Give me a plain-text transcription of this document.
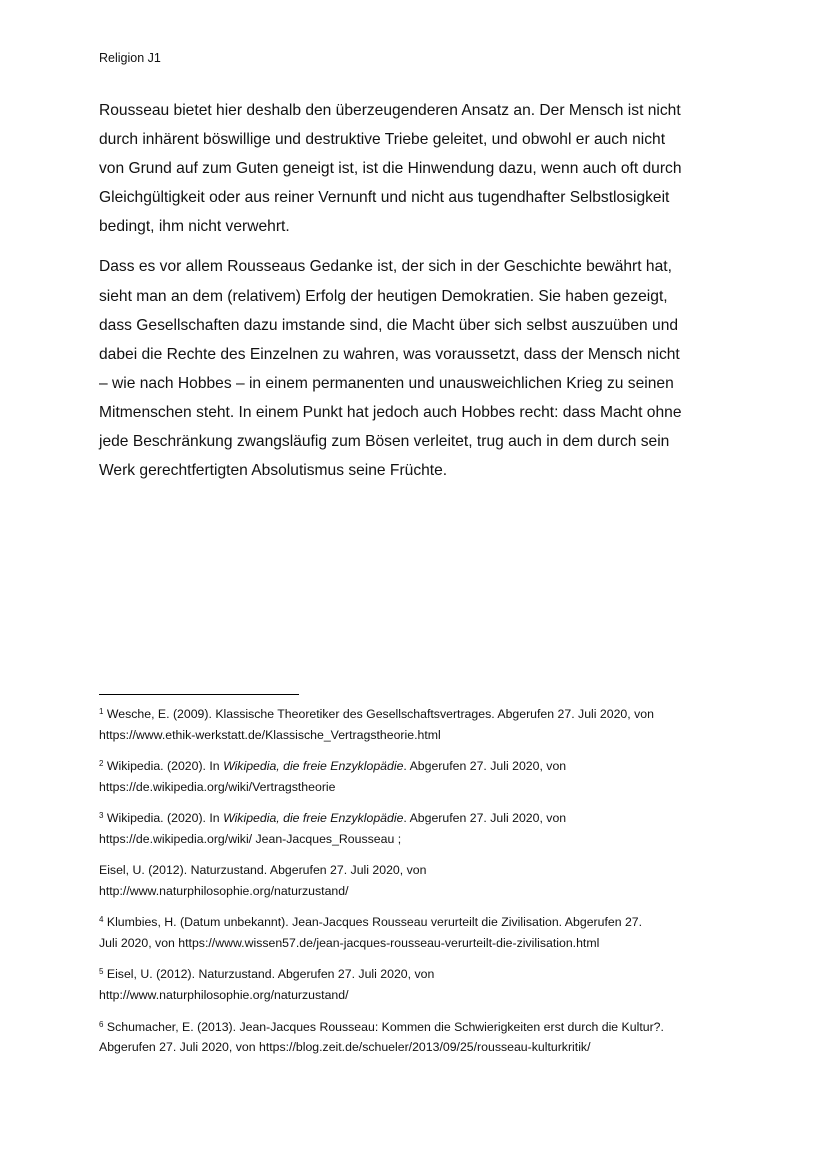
Religion J1

Rousseau bietet hier deshalb den überzeugenderen Ansatz an. Der Mensch ist nicht
durch inhärent böswillige und destruktive Triebe geleitet, und obwohl er auch nicht
von Grund auf zum Guten geneigt ist, ist die Hinwendung dazu, wenn auch oft durch
Gleichgültigkeit oder aus reiner Vernunft und nicht aus tugendhafter Selbstlosigkeit
bedingt, ihm nicht verwehrt.

Dass es vor allem Rousseaus Gedanke ist, der sich in der Geschichte bewährt hat,
sieht man an dem (relativem) Erfolg der heutigen Demokratien. Sie haben gezeigt,
dass Gesellschaften dazu imstande sind, die Macht über sich selbst auszuüben und
dabei die Rechte des Einzelnen zu wahren, was voraussetzt, dass der Mensch nicht
– wie nach Hobbes – in einem permanenten und unausweichlichen Krieg zu seinen
Mitmenschen steht. In einem Punkt hat jedoch auch Hobbes recht: dass Macht ohne
jede Beschränkung zwangsläufig zum Bösen verleitet, trug auch in dem durch sein
Werk gerechtfertigten Absolutismus seine Früchte.

$^1$ Wesche, E. (2009). Klassische Theoretiker des Gesellschaftsvertrages. Abgerufen 27. Juli 2020, von
https://www.ethik-werkstatt.de/Klassische_Vertragstheorie.html
$^2$ Wikipedia. (2020). In Wikipedia, die freie Enzyklopädie. Abgerufen 27. Juli 2020, von
https://de.wikipedia.org/wiki/Vertragstheorie
$^3$ Wikipedia. (2020). In Wikipedia, die freie Enzyklopädie. Abgerufen 27. Juli 2020, von
https://de.wikipedia.org/wiki/ Jean-Jacques_Rousseau ;
Eisel, U. (2012). Naturzustand. Abgerufen 27. Juli 2020, von
http://www.naturphilosophie.org/naturzustand/
$^4$ Klumbies, H. (Datum unbekannt). Jean-Jacques Rousseau verurteilt die Zivilisation. Abgerufen 27.
Juli 2020, von https://www.wissen57.de/jean-jacques-rousseau-verurteilt-die-zivilisation.html
$^5$ Eisel, U. (2012). Naturzustand. Abgerufen 27. Juli 2020, von
http://www.naturphilosophie.org/naturzustand/
$^6$ Schumacher, E. (2013). Jean-Jacques Rousseau: Kommen die Schwierigkeiten erst durch die Kultur?.
Abgerufen 27. Juli 2020, von https://blog.zeit.de/schueler/2013/09/25/rousseau-kulturkritik/
